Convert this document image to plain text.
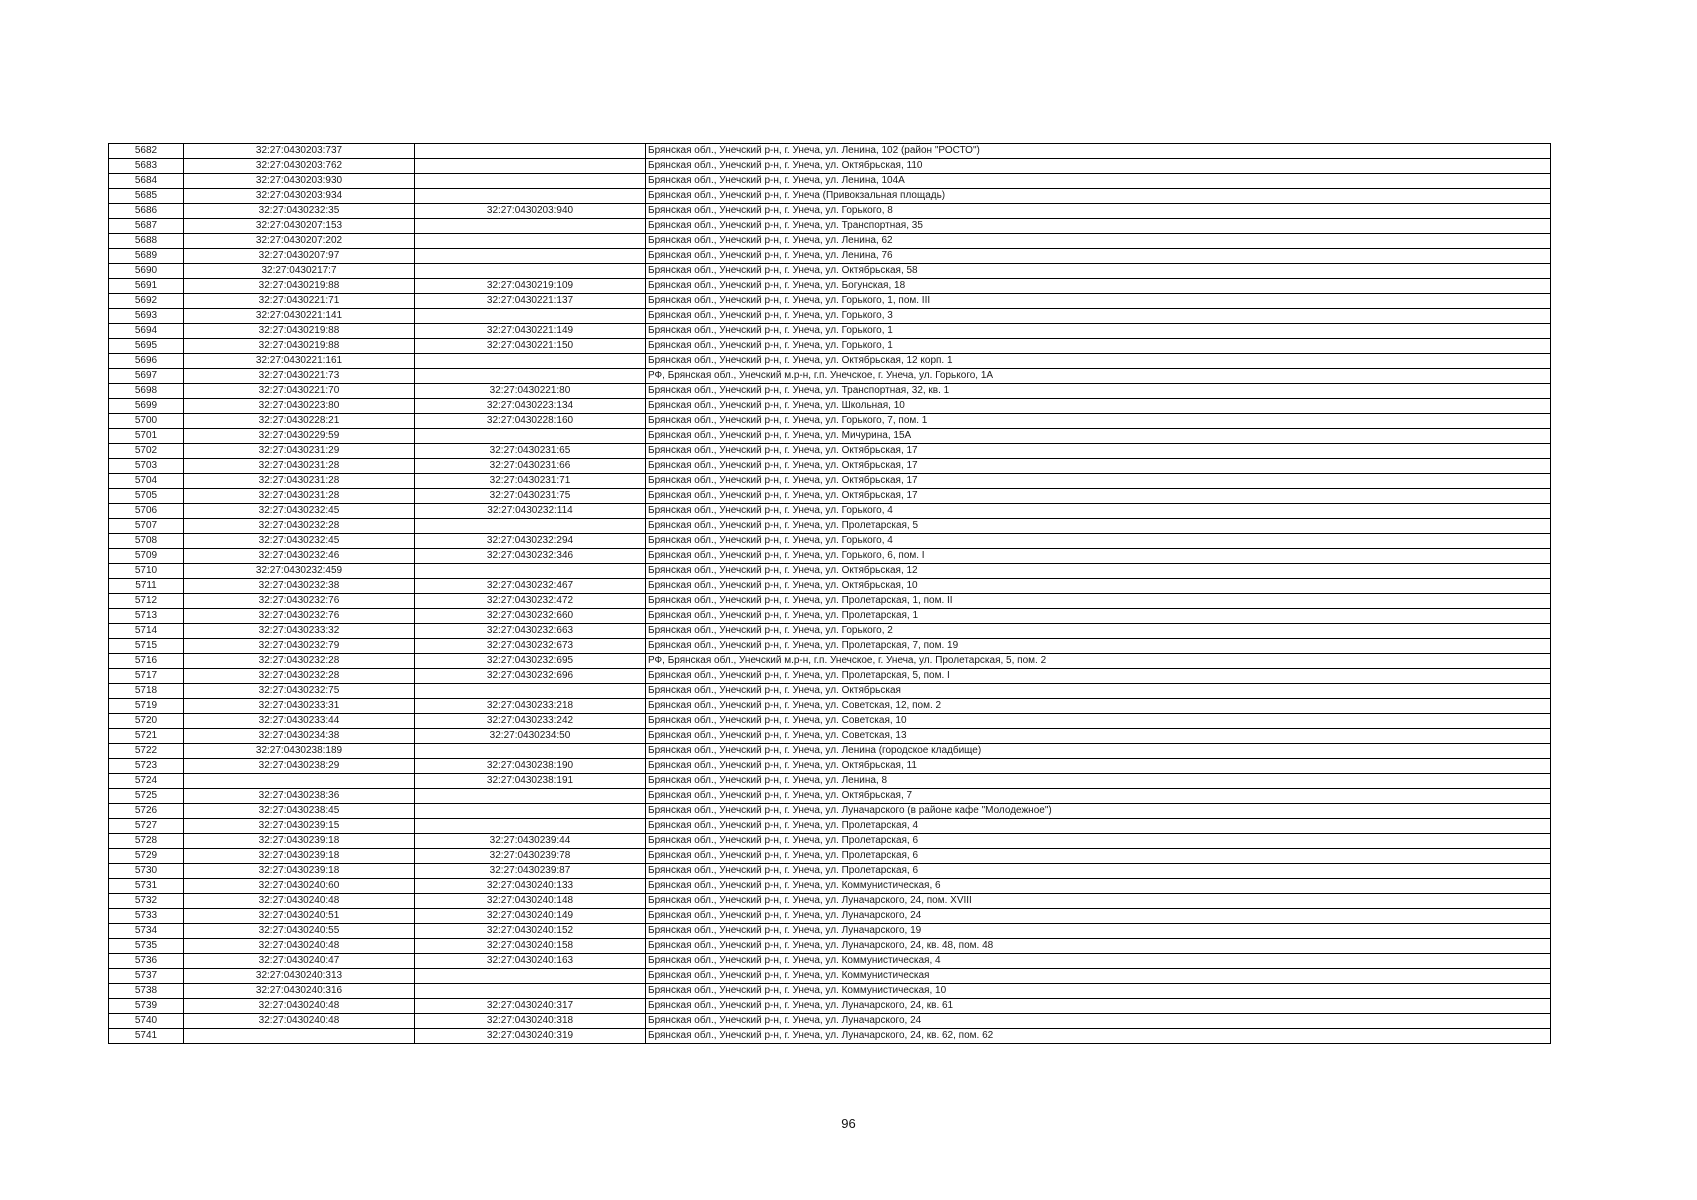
5682	32:27:0430203:737		Брянская обл., Унечский р-н, г. Унеча, ул. Ленина, 102 (район "РОСТО")
5683	32:27:0430203:762		Брянская обл., Унечский р-н, г. Унеча, ул. Октябрьская, 110
5684	32:27:0430203:930		Брянская обл., Унечский р-н, г. Унеча, ул. Ленина, 104А
5685	32:27:0430203:934		Брянская обл., Унечский р-н, г. Унеча (Привокзальная площадь)
5686	32:27:0430232:35	32:27:0430203:940	Брянская обл., Унечский р-н, г. Унеча, ул. Горького, 8
5687	32:27:0430207:153		Брянская обл., Унечский р-н, г. Унеча, ул. Транспортная, 35
5688	32:27:0430207:202		Брянская обл., Унечский р-н, г. Унеча, ул. Ленина, 62
5689	32:27:0430207:97		Брянская обл., Унечский р-н, г. Унеча, ул. Ленина, 76
5690	32:27:0430217:7		Брянская обл., Унечский р-н, г. Унеча, ул. Октябрьская, 58
5691	32:27:0430219:88	32:27:0430219:109	Брянская обл., Унечский р-н, г. Унеча, ул. Богунская, 18
5692	32:27:0430221:71	32:27:0430221:137	Брянская обл., Унечский р-н, г. Унеча, ул. Горького, 1, пом. III
5693	32:27:0430221:141		Брянская обл., Унечский р-н, г. Унеча, ул. Горького, 3
5694	32:27:0430219:88	32:27:0430221:149	Брянская обл., Унечский р-н, г. Унеча, ул. Горького, 1
5695	32:27:0430219:88	32:27:0430221:150	Брянская обл., Унечский р-н, г. Унеча, ул. Горького, 1
5696	32:27:0430221:161		Брянская обл., Унечский р-н, г. Унеча, ул. Октябрьская, 12 корп. 1
5697	32:27:0430221:73		РФ, Брянская обл., Унечский м.р-н, г.п. Унечское, г. Унеча, ул. Горького, 1А
5698	32:27:0430221:70	32:27:0430221:80	Брянская обл., Унечский р-н, г. Унеча, ул. Транспортная, 32, кв. 1
5699	32:27:0430223:80	32:27:0430223:134	Брянская обл., Унечский р-н, г. Унеча, ул. Школьная, 10
5700	32:27:0430228:21	32:27:0430228:160	Брянская обл., Унечский р-н, г. Унеча, ул. Горького, 7, пом. 1
5701	32:27:0430229:59		Брянская обл., Унечский р-н, г. Унеча, ул. Мичурина, 15А
5702	32:27:0430231:29	32:27:0430231:65	Брянская обл., Унечский р-н, г. Унеча, ул. Октябрьская, 17
5703	32:27:0430231:28	32:27:0430231:66	Брянская обл., Унечский р-н, г. Унеча, ул. Октябрьская, 17
5704	32:27:0430231:28	32:27:0430231:71	Брянская обл., Унечский р-н, г. Унеча, ул. Октябрьская, 17
5705	32:27:0430231:28	32:27:0430231:75	Брянская обл., Унечский р-н, г. Унеча, ул. Октябрьская, 17
5706	32:27:0430232:45	32:27:0430232:114	Брянская обл., Унечский р-н, г. Унеча, ул. Горького, 4
5707	32:27:0430232:28		Брянская обл., Унечский р-н, г. Унеча, ул. Пролетарская, 5
5708	32:27:0430232:45	32:27:0430232:294	Брянская обл., Унечский р-н, г. Унеча, ул. Горького, 4
5709	32:27:0430232:46	32:27:0430232:346	Брянская обл., Унечский р-н, г. Унеча, ул. Горького, 6, пом. I
5710	32:27:0430232:459		Брянская обл., Унечский р-н, г. Унеча, ул. Октябрьская, 12
5711	32:27:0430232:38	32:27:0430232:467	Брянская обл., Унечский р-н, г. Унеча, ул. Октябрьская, 10
5712	32:27:0430232:76	32:27:0430232:472	Брянская обл., Унечский р-н, г. Унеча, ул. Пролетарская, 1, пом. II
5713	32:27:0430232:76	32:27:0430232:660	Брянская обл., Унечский р-н, г. Унеча, ул. Пролетарская, 1
5714	32:27:0430233:32	32:27:0430232:663	Брянская обл., Унечский р-н, г. Унеча, ул. Горького, 2
5715	32:27:0430232:79	32:27:0430232:673	Брянская обл., Унечский р-н, г. Унеча, ул. Пролетарская, 7, пом. 19
5716	32:27:0430232:28	32:27:0430232:695	РФ, Брянская обл., Унечский м.р-н, г.п. Унечское, г. Унеча, ул. Пролетарская, 5, пом. 2
5717	32:27:0430232:28	32:27:0430232:696	Брянская обл., Унечский р-н, г. Унеча, ул. Пролетарская, 5, пом. I
5718	32:27:0430232:75		Брянская обл., Унечский р-н, г. Унеча, ул. Октябрьская
5719	32:27:0430233:31	32:27:0430233:218	Брянская обл., Унечский р-н, г. Унеча, ул. Советская, 12, пом. 2
5720	32:27:0430233:44	32:27:0430233:242	Брянская обл., Унечский р-н, г. Унеча, ул. Советская, 10
5721	32:27:0430234:38	32:27:0430234:50	Брянская обл., Унечский р-н, г. Унеча, ул. Советская, 13
5722	32:27:0430238:189		Брянская обл., Унечский р-н, г. Унеча, ул. Ленина (городское кладбище)
5723	32:27:0430238:29	32:27:0430238:190	Брянская обл., Унечский р-н, г. Унеча, ул. Октябрьская, 11
5724		32:27:0430238:191	Брянская обл., Унечский р-н, г. Унеча, ул. Ленина, 8
5725	32:27:0430238:36		Брянская обл., Унечский р-н, г. Унеча, ул. Октябрьская, 7
5726	32:27:0430238:45		Брянская обл., Унечский р-н, г. Унеча, ул. Луначарского (в районе кафе "Молодежное")
5727	32:27:0430239:15		Брянская обл., Унечский р-н, г. Унеча, ул. Пролетарская, 4
5728	32:27:0430239:18	32:27:0430239:44	Брянская обл., Унечский р-н, г. Унеча, ул. Пролетарская, 6
5729	32:27:0430239:18	32:27:0430239:78	Брянская обл., Унечский р-н, г. Унеча, ул. Пролетарская, 6
5730	32:27:0430239:18	32:27:0430239:87	Брянская обл., Унечский р-н, г. Унеча, ул. Пролетарская, 6
5731	32:27:0430240:60	32:27:0430240:133	Брянская обл., Унечский р-н, г. Унеча, ул. Коммунистическая, 6
5732	32:27:0430240:48	32:27:0430240:148	Брянская обл., Унечский р-н, г. Унеча, ул. Луначарского, 24, пом. XVIII
5733	32:27:0430240:51	32:27:0430240:149	Брянская обл., Унечский р-н, г. Унеча, ул. Луначарского, 24
5734	32:27:0430240:55	32:27:0430240:152	Брянская обл., Унечский р-н, г. Унеча, ул. Луначарского, 19
5735	32:27:0430240:48	32:27:0430240:158	Брянская обл., Унечский р-н, г. Унеча, ул. Луначарского, 24, кв. 48, пом. 48
5736	32:27:0430240:47	32:27:0430240:163	Брянская обл., Унечский р-н, г. Унеча, ул. Коммунистическая, 4
5737	32:27:0430240:313		Брянская обл., Унечский р-н, г. Унеча, ул. Коммунистическая
5738	32:27:0430240:316		Брянская обл., Унечский р-н, г. Унеча, ул. Коммунистическая, 10
5739	32:27:0430240:48	32:27:0430240:317	Брянская обл., Унечский р-н, г. Унеча, ул. Луначарского, 24, кв. 61
5740	32:27:0430240:48	32:27:0430240:318	Брянская обл., Унечский р-н, г. Унеча, ул. Луначарского, 24
5741		32:27:0430240:319	Брянская обл., Унечский р-н, г. Унеча, ул. Луначарского, 24, кв. 62, пом. 62
96
